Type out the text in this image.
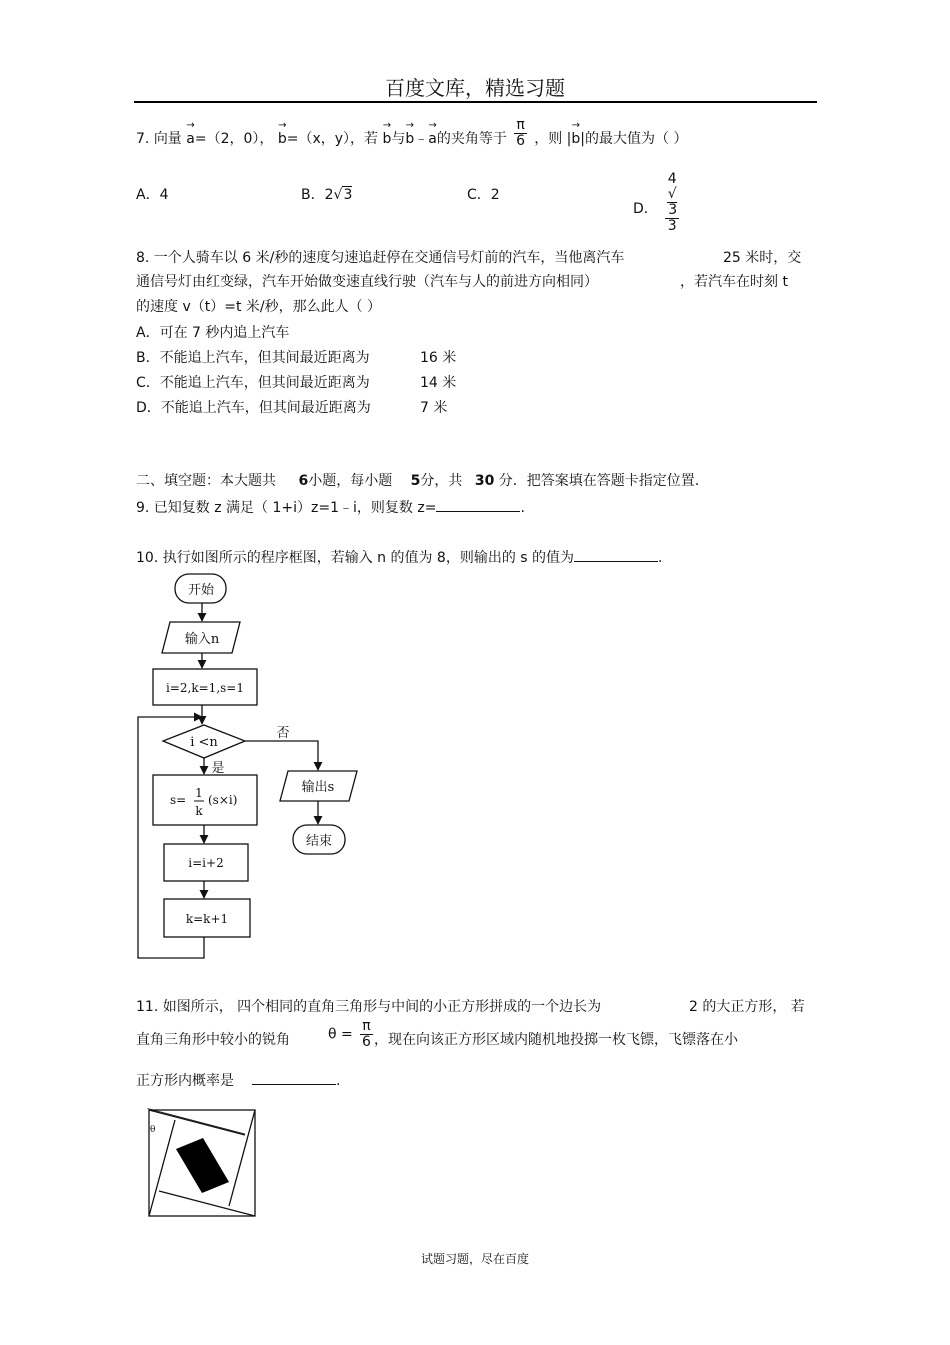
百度文库，精选习题
7. 向量 → a=（2，0）， → b=（x，y），若 → b与→ b﹣→ a的夹角等于 $\frac{\pi}{6}$ ，则 |→ b|的最大值为（ ）
A．4	B．2√3	C．2
D． 4
√
3
3
8. 一个人骑车以 6 米/秒的速度匀速追赶停在交通信号灯前的汽车，当他离汽车	25 米时，交
通信号灯由红变绿，汽车开始做变速直线行驶（汽车与人的前进方向相同）	，若汽车在时刻 t
的速度 v（t）=t 米/秒，那么此人（ ）
A．可在 7 秒内追上汽车
B．不能追上汽车，但其间最近距离为	16 米
C．不能追上汽车，但其间最近距离为	14 米
D．不能追上汽车，但其间最近距离为	7 米
二、填空题：本大题共 6小题，每小题 5分，共 30 分．把答案填在答题卡指定位置.
9. 已知复数 z 满足（ 1+i）z=1﹣i，则复数 z=	.
10. 执行如图所示的程序框图，若输入 n 的值为 8，则输出的 s 的值为	.
开始
输入n
i=2,k=1,s=1
i <n
否
是
s= 1
k
(s×i)
i=i+2
k=k+1
输出s
结束
11. 如图所示， 四个相同的直角三角形与中间的小正方形拼成的一个边长为	2 的大正方形， 若
直角三角形中较小的锐角	$\theta = \frac{\pi}{6}$ ，现在向该正方形区域内随机地投掷一枚飞镖，飞镖落在小
正方形内概率是	.
θ
试题习题，尽在百度
